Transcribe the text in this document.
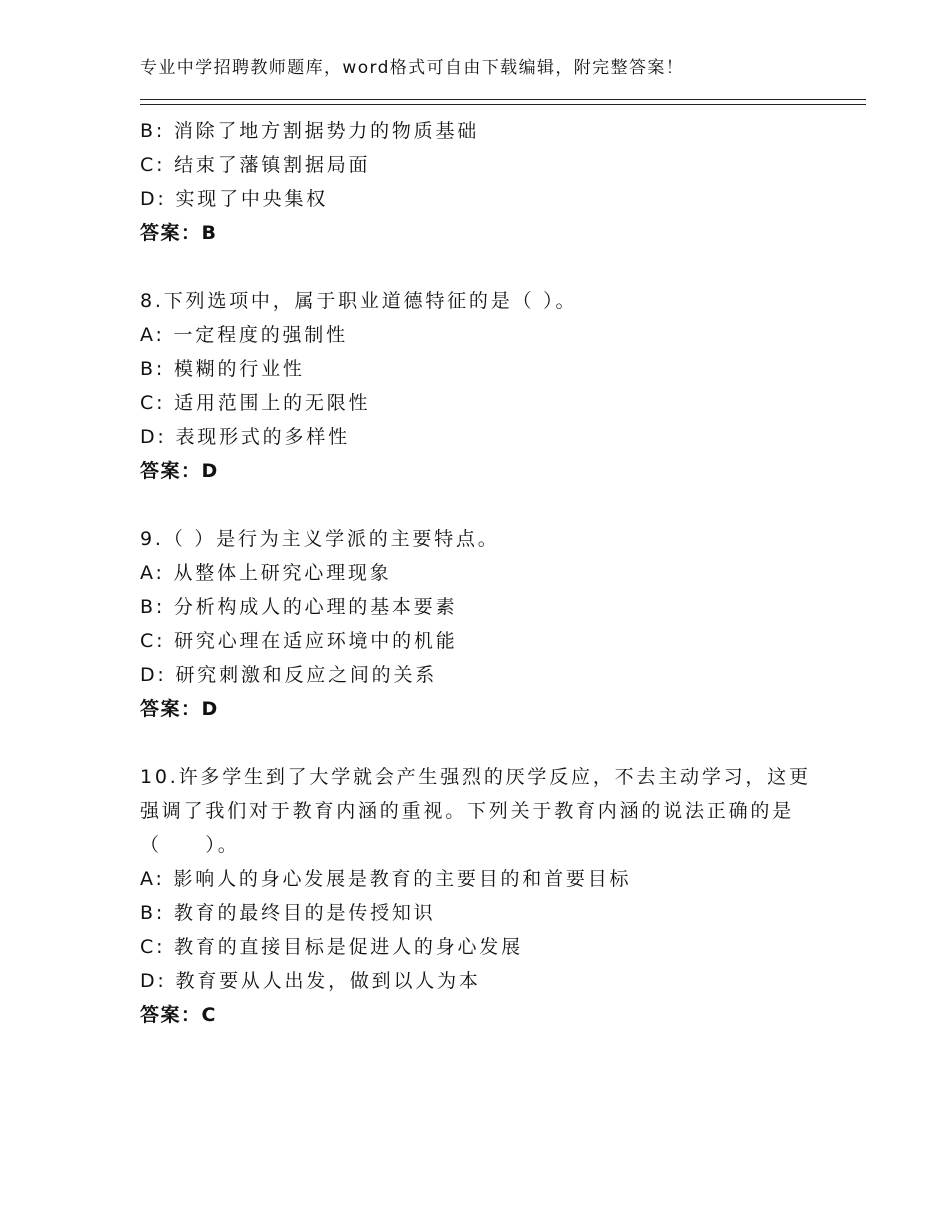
专业中学招聘教师题库，word格式可自由下载编辑，附完整答案！
B: 消除了地方割据势力的物质基础
C: 结束了藩镇割据局面
D: 实现了中央集权
答案：B
8.下列选项中，属于职业道德特征的是（ ）。
A: 一定程度的强制性
B: 模糊的行业性
C: 适用范围上的无限性
D: 表现形式的多样性
答案：D
9.（ ）是行为主义学派的主要特点。
A: 从整体上研究心理现象
B: 分析构成人的心理的基本要素
C: 研究心理在适应环境中的机能
D: 研究刺激和反应之间的关系
答案：D
10.许多学生到了大学就会产生强烈的厌学反应，不去主动学习，这更强调了我们对于教育内涵的重视。下列关于教育内涵的说法正确的是（　　）。
A: 影响人的身心发展是教育的主要目的和首要目标
B: 教育的最终目的是传授知识
C: 教育的直接目标是促进人的身心发展
D: 教育要从人出发，做到以人为本
答案：C
